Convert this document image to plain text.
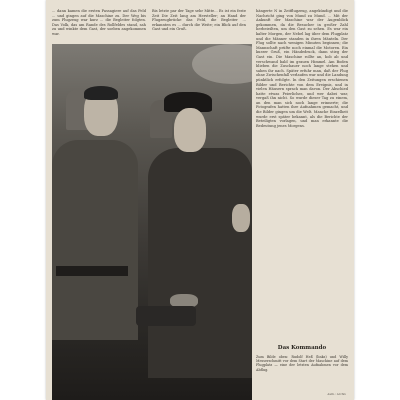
... dann kamen die ersten Passagiere auf das Feld ... und gingen auf die Maschine zu. Der Weg bis zum Flugzeug war kurz ... die Begleiter folgten. Das Volk, das am Rande des Rollfeldes stand, sah zu und winkte dem Gast, der soeben angekommen war.
Bis letzte par der Tage sehr Mitte... Es ist ein feste Zeit Die Zeit lang am Hersteller; an Hand der Flugzeugbrücke das Feld, die Begleiter ... erkannten es ... durch die Weite; ein Blick auf den Gast und ein Gruß.
hängerte N in Zeitflugzeug, angekündigt und die Nachricht ging von Mund zu Mund. ... Mit der Ankunft der Maschine war der Augenblick gekommen, da die Besucher in großer Zahl herbeieilten, um den Gast zu sehen. Es war ein kalter Morgen, der Nebel lag über dem Flugplatz und die Männer standen in ihren Mänteln. Der Flug sollte nach wenigen Minuten beginnen; die Mannschaft prüfte noch einmal die Motoren. Ein kurzer Gruß, ein Händedruck, dann stieg der Gast ein. Die Maschine rollte an, hob ab und verschwand bald im grauen Himmel. Am Boden blieben die Zuschauer noch lange stehen und sahen ihr nach. Später erfuhr man, daß der Flug ohne Zwischenfall verlaufen war und die Landung pünktlich erfolgte. In den Zeitungen erschienen Bilder und Berichte von dem Ereignis, und in vielen Häusern sprach man davon. Der Abschied hatte etwas Feierliches, und wer dabei war, vergaß ihn nicht. So wurde dieser Tag zu einem, an den man sich noch lange erinnerte; die Fotografen hatten ihre Aufnahmen gemacht, und die Bilder gingen um die Welt. Manche Einzelheit wurde erst später bekannt, als die Berichte der Beteiligten vorlagen, und man erkannte die Bedeutung jenes Morgens.
Das Kommando
Zum Bilde oben: Rudolf Heß (links) und Willy Messerschmitt vor dem Start der Maschine auf dem Flugplatz — eine der letzten Aufnahmen vor dem Abflug.
Aufn.: Archiv
